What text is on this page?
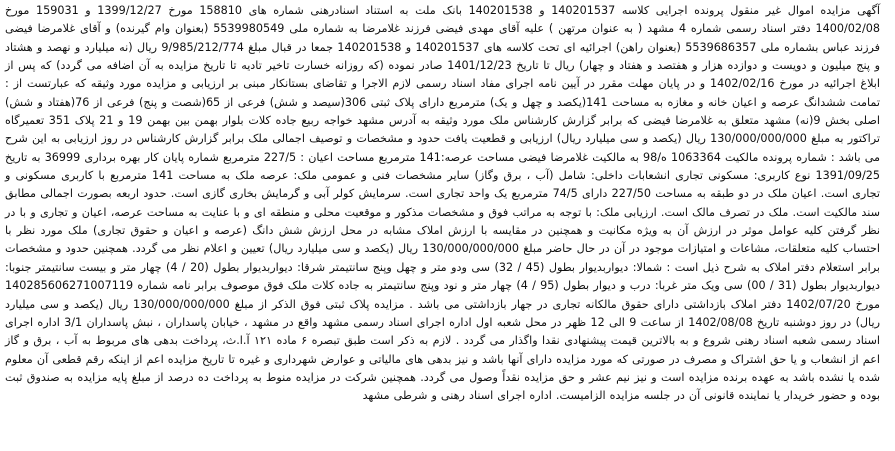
آگهی مزایده اموال غیر منقول پرونده اجرایی کلاسه 140201537 و 140201538 بانک ملت به استناد اسنادرهنی شماره های 158810 مورخ 1399/12/27 و 159031 مورخ 1400/02/08 دفتر اسناد رسمی شماره 4 مشهد ( به عنوان مرتهن ) علیه آقای مهدی فیضی فرزند غلامرضا به شماره ملی 5539980549 (بعنوان وام گیرنده) و آقای غلامرضا فیضی فرزند عباس بشماره ملی 5539686357 (بعنوان راهن) اجرائیه ای تحت کلاسه های 140201537 و 140201538 جمعا در قبال مبلغ 9/985/212/774 ریال (نه میلیارد و نهصد و هشتاد و پنج میلیون و دویست و دوازده هزار و هفتصد و هفتاد و چهار) ریال تا تاریخ 1401/12/23 صادر نموده (که روزانه خسارت تاخیر تادیه تا تاریخ مزایده به آن اضافه می گردد) که پس از ابلاغ اجرائیه در مورخ 1402/02/16 و در پایان مهلت مقرر در آیین نامه اجرای مفاد اسناد رسمی لازم الاجرا و تقاضای بستانکار مبنی بر ارزیابی و مزایده مورد وثیقه که عبارتست از : تمامت ششدانگ عرصه و اعیان خانه و مغازه به مساحت 141(یکصد و چهل و یک) مترمربع دارای پلاک ثبتی 306(سیصد و شش) فرعی از 65(شصت و پنج) فرعی از 76(هفتاد و شش) اصلی بخش 9(نه) مشهد متعلق به غلامرضا فیضی که برابر گزارش کارشناس ملک مورد وثیقه به آدرس مشهد خواجه ربیع جاده کلات بلوار بهمن بین بهمن 19 و 21 پلاک 351 تعمیرگاه تراکتور به مبلغ 130/000/000/000 ریال (یکصد و سی میلیارد ریال) ارزیابی و قطعیت یافت حدود و مشخصات و توصیف اجمالی ملک برابر گزارش کارشناس در روز ارزیابی به این شرح می باشد : شماره پرونده مالکیت 1063364 ه/98 به مالکیت غلامرضا فیضی مساحت عرصه:141 مترمربع مساحت اعیان : 227/5 مترمربع شماره پایان کار بهره برداری 36999 به تاریخ 1391/09/25 نوع کاربری: مسکونی تجاری انشعابات داخلی: شامل (آب ، برق وگاز) سایر مشخصات فنی و عمومی ملک: عرصه ملک به مساحت 141 مترمربع با کاربری مسکونی و تجاری است. اعیان ملک در دو طبقه به مساحت 227/50 دارای 74/5 مترمربع یک واحد تجاری است. سرمایش کولر آبی و گرمایش بخاری گازی است. حدود اربعه بصورت اجمالی مطابق سند مالکیت است. ملک در تصرف مالک است. ارزیابی ملک: با توجه به مراتب فوق و مشخصات مذکور و موقعیت محلی و منطقه ای و با عنایت به مساحت عرصه، اعیان و تجاری و با در نظر گرفتن کلیه عوامل موثر در ارزش آن به ویژه مکانیت و همچنین در مقایسه با ارزش املاک مشابه در محل ارزش شش دانگ (عرصه و اعیان و حقوق تجاری) ملک مورد نظر با احتساب کلیه متعلقات، مشاعات و امتیازات موجود در آن در حال حاضر مبلغ 130/000/000/000 ریال (یکصد و سی میلیارد ریال) تعیین و اعلام نظر می گردد. همچنین حدود و مشخصات برابر استعلام دفتر املاک به شرح ذیل است : شمالا: دیواربدیوار بطول (45 / 32) سی ودو متر و چهل وپنج سانتیمتر شرقا: دیواربدیوار بطول (20 / 4) چهار متر و بیست سانتیمتر جنوبا: دیواربدیوار بطول (31 / 00) سی ویک متر غربا: درب و دیوار بطول (95 / 4) چهار متر و نود وپنج سانتیمتر به جاده کلات ملک فوق موصوف برابر نامه شماره 140285606271007119 مورخ 1402/07/20 دفتر املاک بازداشتی دارای حقوق مالکانه تجاری در جهار بازداشتی می باشد . مزایده پلاک ثبتی فوق الذکر از مبلغ 130/000/000/000 ریال (یکصد و سی میلیارد ریال) در روز دوشنبه تاریخ 1402/08/08 از ساعت 9 الی 12 ظهر در محل شعبه اول اداره اجرای اسناد رسمی مشهد واقع در مشهد ، خیابان پاسداران ، نبش پاسداران 3/1 اداره اجرای اسناد رسمی شعبه اسناد رهنی شروع و به بالاترین قیمت پیشنهادی نقدا واگذار می گردد . لازم به ذکر است طبق تبصره ۶ ماده ۱۲۱ آ.ا.ث، پرداخت بدهی های مربوط به آب ، برق و گاز اعم از انشعاب و یا حق اشتراک و مصرف در صورتی که مورد مزایده دارای آنها باشد و نیز بدهی های مالیاتی و عوارض شهرداری و غیره تا تاریخ مزایده اعم از اینکه رقم قطعی آن معلوم شده یا نشده باشد به عهده برنده مزایده است و نیز نیم عشر و حق مزایده نقداً وصول می گردد. همچنین شرکت در مزایده منوط به پرداخت ده درصد از مبلغ پایه مزایده به صندوق ثبت بوده و حضور خریدار یا نماینده قانونی آن در جلسه مزایده الزامیست. اداره اجرای اسناد رهنی و شرطی مشهد
